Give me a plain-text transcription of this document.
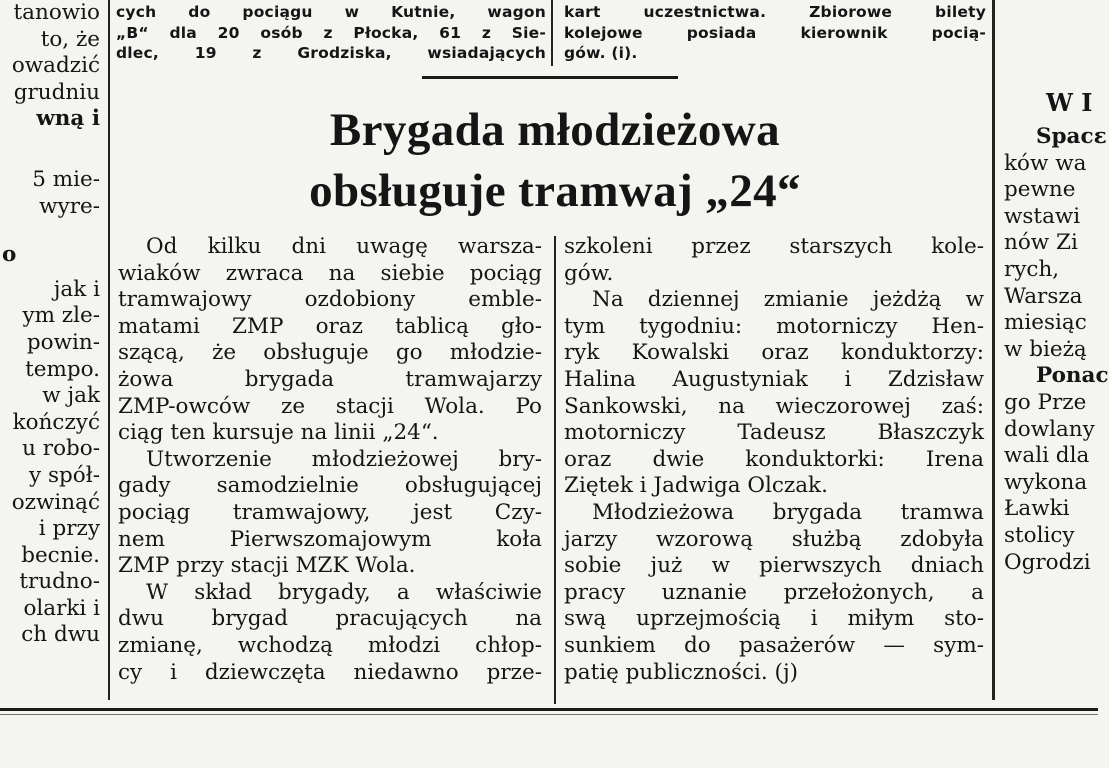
cych do pociągu w Kutnie, wagon
„B“ dla 20 osób z Płocka, 61 z Sie-
dlec, 19 z Grodziska, wsiadających
kart uczestnictwa. Zbiorowe bilety
kolejowe posiada kierownik pocią-
gów. (i).
Brygada młodzieżowa
obsługuje tramwaj „24“
tanowio
to, że
owadzić
grudniu
wną i
5 mie-
wyre-
o
jak i
ym zle-
powin-
tempo.
w jak
kończyć
u robo-
y spół-
ozwinąć
i przy
becnie.
trudno-
olarki i
ch dwu
Od kilku dni uwagę warsza-
wiaków zwraca na siebie pociąg
tramwajowy ozdobiony emble-
matami ZMP oraz tablicą gło-
szącą, że obsługuje go młodzie-
żowa brygada tramwajarzy
ZMP-owców ze stacji Wola. Po
ciąg ten kursuje na linii „24“.
Utworzenie młodzieżowej bry-
gady samodzielnie obsługującej
pociąg tramwajowy, jest Czy-
nem Pierwszomajowym koła
ZMP przy stacji MZK Wola.
W skład brygady, a właściwie
dwu brygad pracujących na
zmianę, wchodzą młodzi chłop-
cy i dziewczęta niedawno prze-
szkoleni przez starszych kole-
gów.
Na dziennej zmianie jeżdżą w
tym tygodniu: motorniczy Hen-
ryk Kowalski oraz konduktorzy:
Halina Augustyniak i Zdzisław
Sankowski, na wieczorowej zaś:
motorniczy Tadeusz Błaszczyk
oraz dwie konduktorki: Irena
Ziętek i Jadwiga Olczak.
Młodzieżowa brygada tramwa
jarzy wzorową służbą zdobyła
sobie już w pierwszych dniach
pracy uznanie przełożonych, a
swą uprzejmością i miłym sto-
sunkiem do pasażerów — sym-
patię publiczności. (j)
W I
Spacε
ków wa
pewne
wstawi
nów Zi
rych,
Warsza
miesiąc
w bieżą
Ponac
go Prze
dowlany
wali dla
wykona
Ławki
stolicy
Ogrodzi
